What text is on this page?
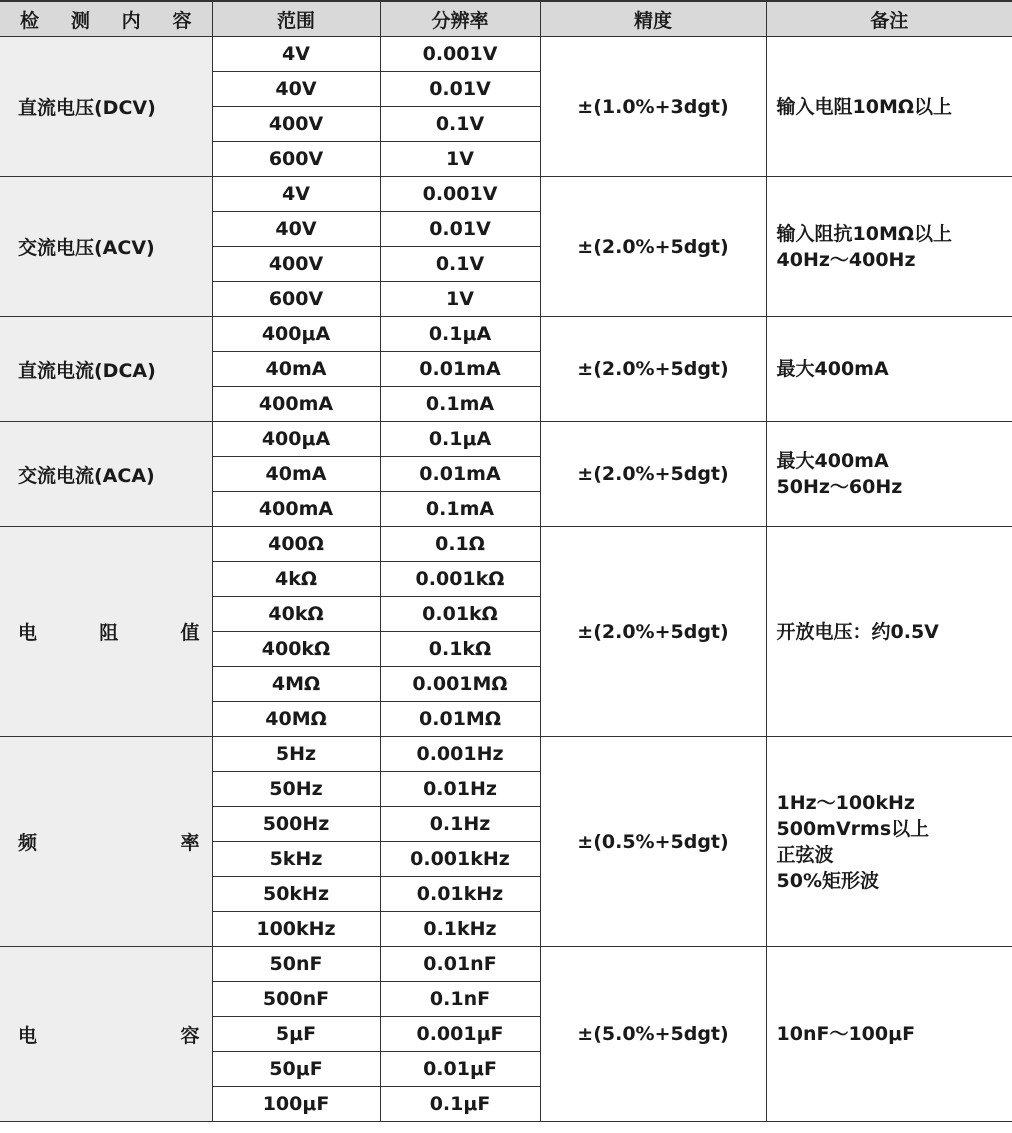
检 测 内 容	范围	分辨率	精度	备注
直流电压(DCV)	4V	0.001V	±(1.0%+3dgt)	输入电阻10MΩ以上

	40V	0.01V		
	400V	0.1V		
	600V	1V		
交流电压(ACV)	4V	0.001V	±(2.0%+5dgt)	输入阻抗10MΩ以上
40Hz～400Hz

	40V	0.01V		
	400V	0.1V		
	600V	1V		
直流电流(DCA)	400μA	0.1μA	±(2.0%+5dgt)	最大400mA

	40mA	0.01mA		
	400mA	0.1mA		
交流电流(ACA)	400μA	0.1μA	±(2.0%+5dgt)	最大400mA
50Hz～60Hz

	40mA	0.01mA		
	400mA	0.1mA		
电 阻 值	400Ω	0.1Ω	±(2.0%+5dgt)	开放电压：约0.5V

	4kΩ	0.001kΩ		
	40kΩ	0.01kΩ		
	400kΩ	0.1kΩ		
	4MΩ	0.001MΩ		
	40MΩ	0.01MΩ		
频 率	5Hz	0.001Hz	±(0.5%+5dgt)	1Hz～100kHz
500mVrms以上
正弦波
50%矩形波

	50Hz	0.01Hz		
	500Hz	0.1Hz		
	5kHz	0.001kHz		
	50kHz	0.01kHz		
	100kHz	0.1kHz		
电 容	50nF	0.01nF	±(5.0%+5dgt)	10nF～100μF

	500nF	0.1nF		
	5μF	0.001μF		
	50μF	0.01μF		
	100μF	0.1μF		
